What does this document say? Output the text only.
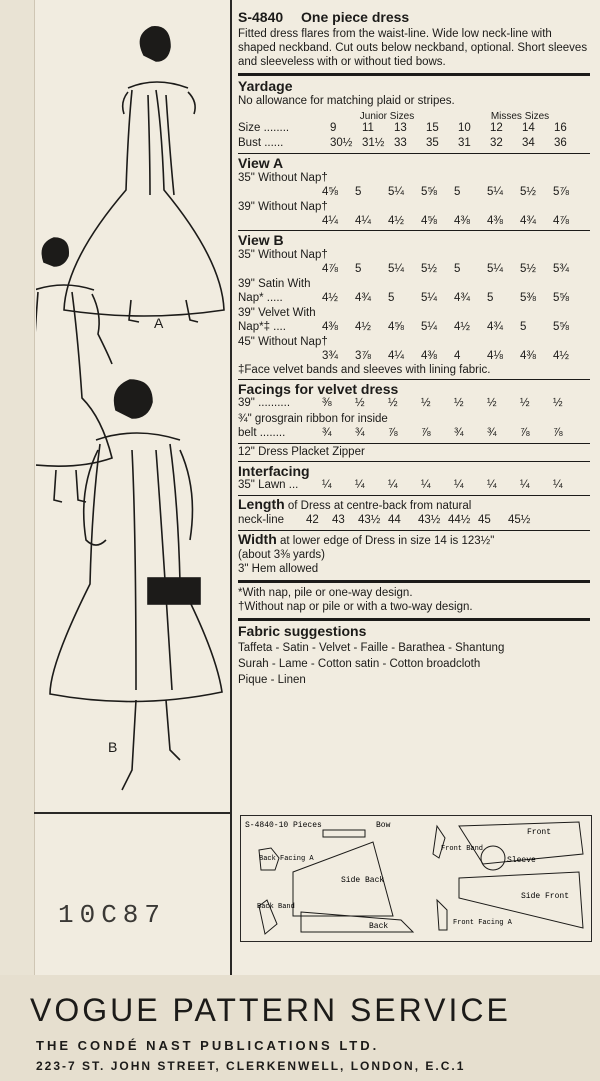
A
B
S-4840 One piece dress
Fitted dress flares from the waist-line. Wide low neck-line with shaped neckband. Cut outs below neckband, optional. Short sleeves and sleeveless with or without tied bows.
Yardage
No allowance for matching plaid or stripes.
Junior Sizes	Misses Sizes
Size ........	9	11	13	15	10	12	14	16
Bust ......	30½ 31½ 33	35	31	32	34	36
View A
35" Without Nap†
4⅝	5	5¼	5⅝	5	5¼	5½	5⅞
39" Without Nap†
4¼	4¼	4½	4⅝	4⅜	4⅜	4¾	4⅞
View B
35" Without Nap†
4⅞	5	5¼	5½	5	5¼	5½	5¾
39" Satin With
Nap* .....	4½	4¾	5	5¼	4¾	5	5⅜	5⅝
39" Velvet With
Nap*‡ ....	4⅜	4½	4⅝	5¼	4½	4¾	5	5⅝
45" Without Nap†
3¾	3⅞	4¼	4⅜	4	4⅛	4⅜	4½
‡Face velvet bands and sleeves with lining fabric.
Facings for velvet dress
39" ..........	⅜	½	½	½	½	½	½	½
¾" grosgrain ribbon for inside
belt ........	¾	¾	⅞	⅞	¾	¾	⅞	⅞
12" Dress Placket Zipper
Interfacing
35" Lawn ...	¼	¼	¼	¼	¼	¼	¼	¼
Length of Dress at centre-back from natural
neck-line	42	43	43½ 44	43½ 44½ 45	45½
Width at lower edge of Dress in size 14 is 123½"
(about 3⅜ yards)
3" Hem allowed
*With nap, pile or one-way design.
†Without nap or pile or with a two-way design.
Fabric suggestions
Taffeta - Satin - Velvet - Faille - Barathea - Shantung
Surah - Lame - Cotton satin - Cotton broadcloth
Pique - Linen
S-4840-10 Pieces	Bow
Back Facing A
Side Back
Back Band
Back
Front Band
Sleeve
Front
Side Front
Front Facing A
10C87
VOGUE PATTERN SERVICE
THE CONDÉ NAST PUBLICATIONS LTD.
223-7 ST. JOHN STREET, CLERKENWELL, LONDON, E.C.1
